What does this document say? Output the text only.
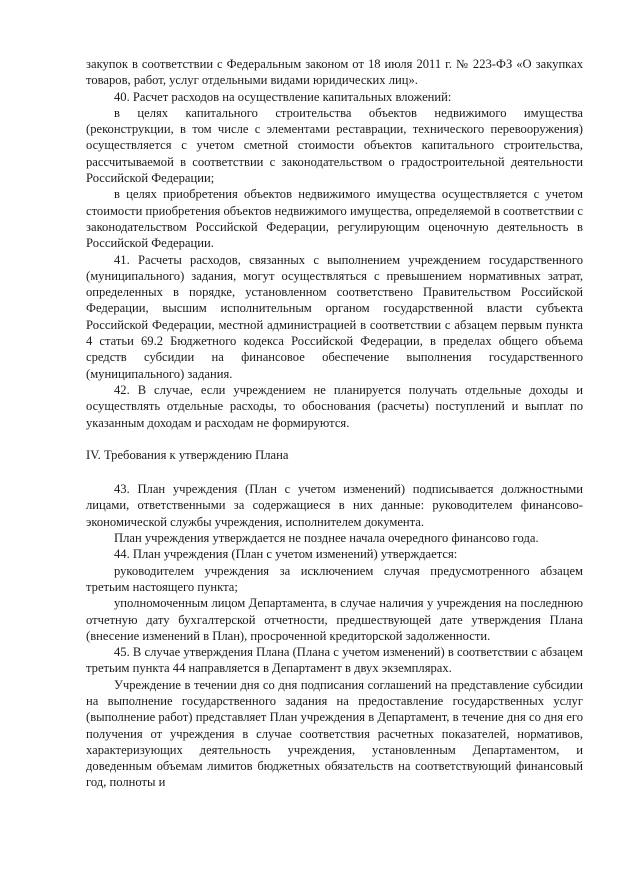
закупок в соответствии с Федеральным законом от 18 июля 2011 г. № 223-ФЗ «О закупках товаров, работ, услуг отдельными видами юридических лиц».

40. Расчет расходов на осуществление капитальных вложений:

в целях капитального строительства объектов недвижимого имущества (реконструкции, в том числе с элементами реставрации, технического перевооружения) осуществляется с учетом сметной стоимости объектов капитального строительства, рассчитываемой в соответствии с законодательством о градостроительной деятельности Российской Федерации;

в целях приобретения объектов недвижимого имущества осуществляется с учетом стоимости приобретения объектов недвижимого имущества, определяемой в соответствии с законодательством Российской Федерации, регулирующим оценочную деятельность в Российской Федерации.

41. Расчеты расходов, связанных с выполнением учреждением государственного (муниципального) задания, могут осуществляться с превышением нормативных затрат, определенных в порядке, установленном соответствено Правительством Российской Федерации, высшим исполнительным органом государственной власти субъекта Российской Федерации, местной администрацией в соответствии с абзацем первым пункта 4 статьи 69.2 Бюджетного кодекса Российской Федерации, в пределах общего объема средств субсидии на финансовое обеспечение выполнения государственного (муниципального) задания.

42. В случае, если учреждением не планируется получать отдельные доходы и осуществлять отдельные расходы, то обоснования (расчеты) поступлений и выплат по указанным доходам и расходам не формируются.

IV. Требования к утверждению Плана

43. План учреждения (План с учетом изменений) подписывается должностными лицами, ответственными за содержащиеся в них данные: руководителем финансово-экономической службы учреждения, исполнителем документа.

План учреждения утверждается не позднее начала очередного финансово года.

44. План учреждения (План с учетом изменений) утверждается:

руководителем учреждения за исключением случая предусмотренного абзацем третьим настоящего пункта;

уполномоченным лицом Департамента, в случае наличия у учреждения на последнюю отчетную дату бухгалтерской отчетности, предшествующей дате утверждения Плана (внесение изменений в План), просроченной кредиторской задолженности.

45. В случае утверждения Плана (Плана с учетом изменений) в соответствии с абзацем третьим пункта 44 направляется в Департамент в двух экземплярах.

Учреждение в течении дня со дня подписания соглашений на представление субсидии на выполнение государственного задания на предоставление государственных услуг (выполнение работ) представляет План учреждения в Департамент, в течение дня со дня его получения от учреждения в случае соответствия расчетных показателей, нормативов, характеризующих деятельность учреждения, установленным Департаментом, и доведенным объемам лимитов бюджетных обязательств на соответствующий финансовый год, полноты и
